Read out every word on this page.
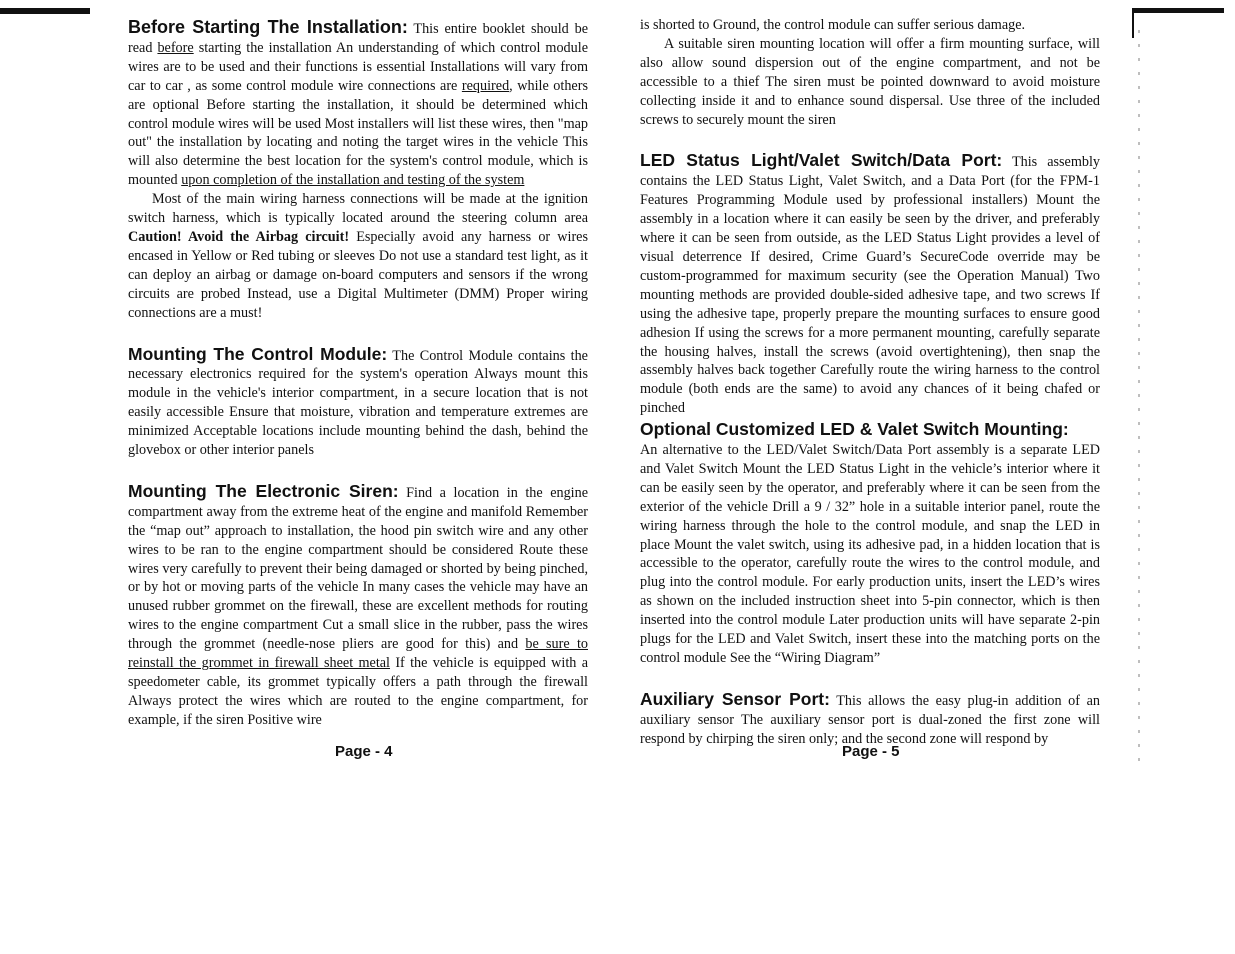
Before Starting The Installation: This entire booklet should be read before starting the installation An understanding of which control module wires are to be used and their functions is essential Installations will vary from car to car , as some control module wire connections are required, while others are optional Before starting the installation, it should be determined which control module wires will be used Most installers will list these wires, then "map out" the installation by locating and noting the target wires in the vehicle This will also determine the best location for the system's control module, which is mounted upon completion of the installation and testing of the system

Most of the main wiring harness connections will be made at the ignition switch harness, which is typically located around the steering column area Caution! Avoid the Airbag circuit! Especially avoid any harness or wires encased in Yellow or Red tubing or sleeves Do not use a standard test light, as it can deploy an airbag or damage on-board computers and sensors if the wrong circuits are probed Instead, use a Digital Multimeter (DMM) Proper wiring connections are a must!

Mounting The Control Module: The Control Module contains the necessary electronics required for the system's operation Always mount this module in the vehicle's interior compartment, in a secure location that is not easily accessible Ensure that moisture, vibration and temperature extremes are minimized Acceptable locations include mounting behind the dash, behind the glovebox or other interior panels

Mounting The Electronic Siren: Find a location in the engine compartment away from the extreme heat of the engine and manifold Remember the “map out” approach to installation, the hood pin switch wire and any other wires to be ran to the engine compartment should be considered Route these wires very carefully to prevent their being damaged or shorted by being pinched, or by hot or moving parts of the vehicle In many cases the vehicle may have an unused rubber grommet on the firewall, these are excellent methods for routing wires to the engine compartment Cut a small slice in the rubber, pass the wires through the grommet (needle-nose pliers are good for this) and be sure to reinstall the grommet in firewall sheet metal If the vehicle is equipped with a speedometer cable, its grommet typically offers a path through the firewall Always protect the wires which are routed to the engine compartment, for example, if the siren Positive wire

Page - 4

is shorted to Ground, the control module can suffer serious damage.

A suitable siren mounting location will offer a firm mounting surface, will also allow sound dispersion out of the engine compartment, and not be accessible to a thief The siren must be pointed downward to avoid moisture collecting inside it and to enhance sound dispersal. Use three of the included screws to securely mount the siren

LED Status Light/Valet Switch/Data Port: This assembly contains the LED Status Light, Valet Switch, and a Data Port (for the FPM-1 Features Programming Module used by professional installers) Mount the assembly in a location where it can easily be seen by the driver, and preferably where it can be seen from outside, as the LED Status Light provides a level of visual deterrence If desired, Crime Guard’s SecureCode override may be custom-programmed for maximum security (see the Operation Manual) Two mounting methods are provided double-sided adhesive tape, and two screws If using the adhesive tape, properly prepare the mounting surfaces to ensure good adhesion If using the screws for a more permanent mounting, carefully separate the housing halves, install the screws (avoid overtightening), then snap the assembly halves back together Carefully route the wiring harness to the control module (both ends are the same) to avoid any chances of it being chafed or pinched

Optional Customized LED & Valet Switch Mounting:

An alternative to the LED/Valet Switch/Data Port assembly is a separate LED and Valet Switch Mount the LED Status Light in the vehicle’s interior where it can be easily seen by the operator, and preferably where it can be seen from the exterior of the vehicle Drill a 9 / 32” hole in a suitable interior panel, route the wiring harness through the hole to the control module, and snap the LED in place Mount the valet switch, using its adhesive pad, in a hidden location that is accessible to the operator, carefully route the wires to the control module, and plug into the control module. For early production units, insert the LED’s wires as shown on the included instruction sheet into 5-pin connector, which is then inserted into the control module Later production units will have separate 2-pin plugs for the LED and Valet Switch, insert these into the matching ports on the control module See the “Wiring Diagram”

Auxiliary Sensor Port: This allows the easy plug-in addition of an auxiliary sensor The auxiliary sensor port is dual-zoned the first zone will respond by chirping the siren only; and the second zone will respond by

Page - 5
